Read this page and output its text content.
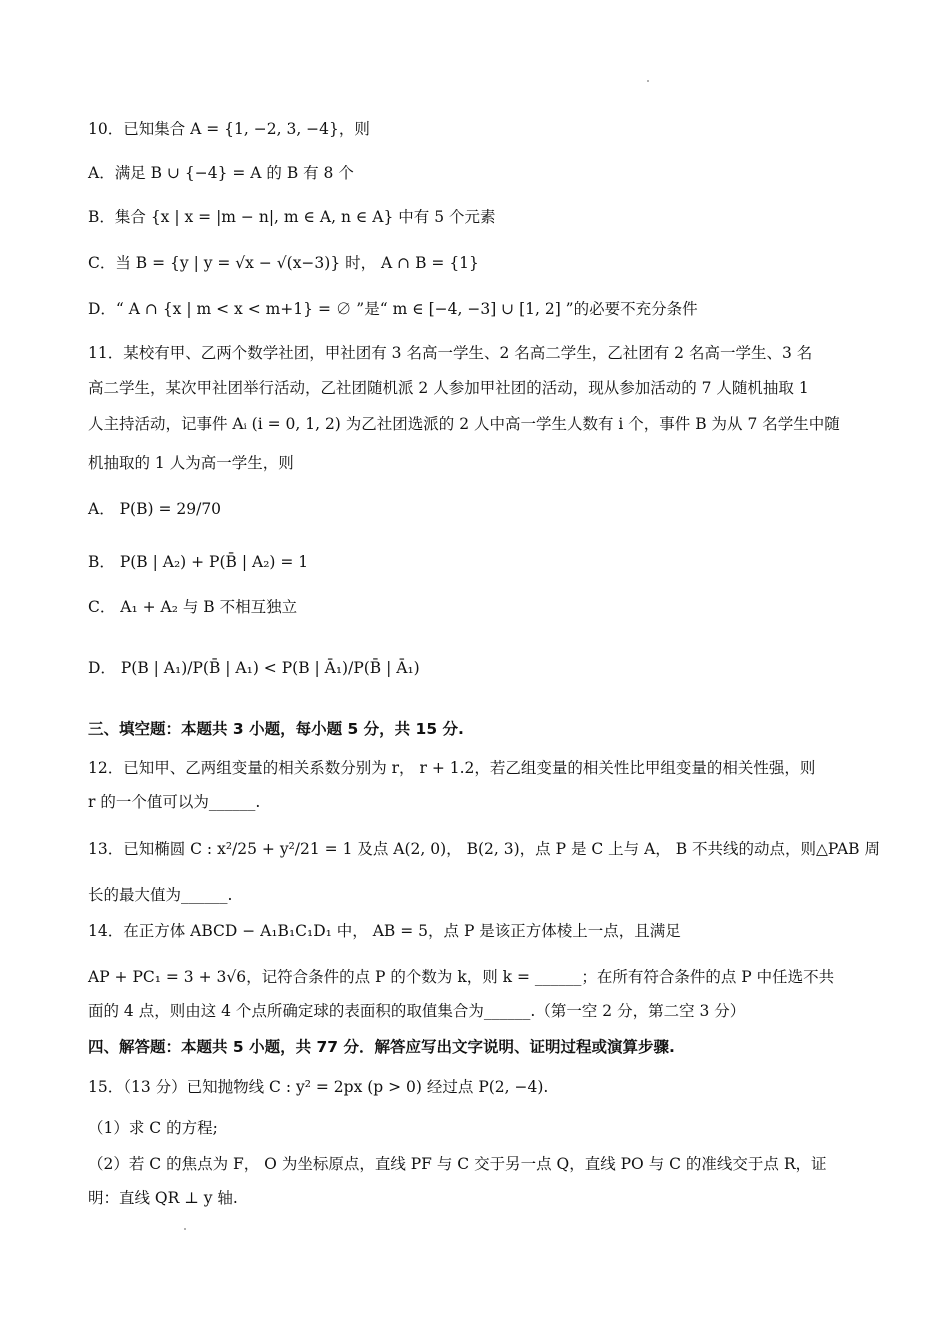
10．已知集合 A = {1, −2, 3, −4}，则
A．满足 B ∪ {−4} = A 的 B 有 8 个
B．集合 {x | x = |m − n|, m ∈ A, n ∈ A} 中有 5 个元素
C．当 B = {y | y = √x − √(x−3)} 时， A ∩ B = {1}
D．“ A ∩ {x | m < x < m+1} = ∅ ”是“ m ∈ [−4, −3] ∪ [1, 2] ”的必要不充分条件
11．某校有甲、乙两个数学社团，甲社团有 3 名高一学生、2 名高二学生，乙社团有 2 名高一学生、3 名
高二学生，某次甲社团举行活动，乙社团随机派 2 人参加甲社团的活动，现从参加活动的 7 人随机抽取 1
人主持活动，记事件 Aᵢ (i = 0, 1, 2) 为乙社团选派的 2 人中高一学生人数有 i 个，事件 B 为从 7 名学生中随
机抽取的 1 人为高一学生，则
A． P(B) = 29/70
B． P(B | A₂) + P(B̄ | A₂) = 1
C． A₁ + A₂ 与 B 不相互独立
D． P(B | A₁)/P(B̄ | A₁) < P(B | Ā₁)/P(B̄ | Ā₁)
三、填空题：本题共 3 小题，每小题 5 分，共 15 分.
12．已知甲、乙两组变量的相关系数分别为 r， r + 1.2，若乙组变量的相关性比甲组变量的相关性强，则
r 的一个值可以为______.
13．已知椭圆 C : x²/25 + y²/21 = 1 及点 A(2, 0)， B(2, 3)，点 P 是 C 上与 A， B 不共线的动点，则△PAB 周
长的最大值为______.
14．在正方体 ABCD − A₁B₁C₁D₁ 中， AB = 5，点 P 是该正方体棱上一点，且满足
AP + PC₁ = 3 + 3√6，记符合条件的点 P 的个数为 k，则 k = ______；在所有符合条件的点 P 中任选不共
面的 4 点，则由这 4 个点所确定球的表面积的取值集合为______.（第一空 2 分，第二空 3 分）
四、解答题：本题共 5 小题，共 77 分．解答应写出文字说明、证明过程或演算步骤.
15．（13 分）已知抛物线 C : y² = 2px (p > 0) 经过点 P(2, −4).
（1）求 C 的方程;
（2）若 C 的焦点为 F， O 为坐标原点，直线 PF 与 C 交于另一点 Q，直线 PO 与 C 的准线交于点 R，证
明：直线 QR ⊥ y 轴.
